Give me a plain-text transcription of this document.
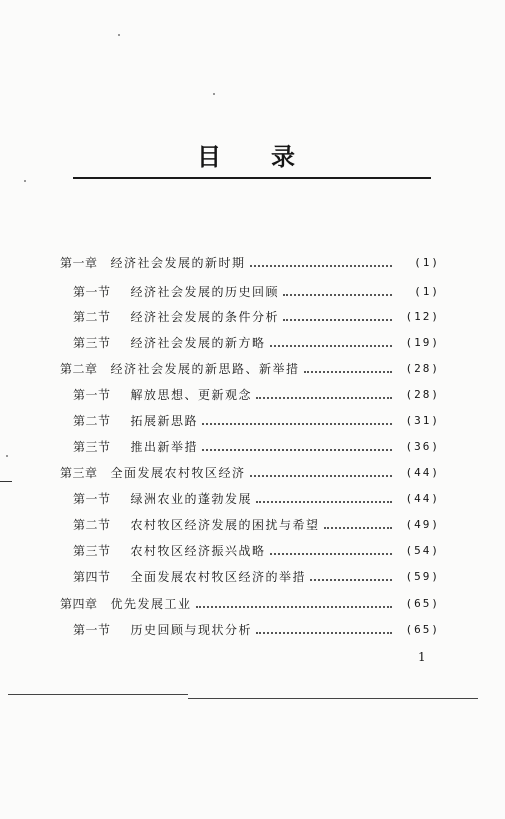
目 录
第一章 经济社会发展的新时期	(1)
第一节 经济社会发展的历史回顾	(1)
第二节 经济社会发展的条件分析	(12)
第三节 经济社会发展的新方略	(19)
第二章 经济社会发展的新思路、新举措	(28)
第一节 解放思想、更新观念	(28)
第二节 拓展新思路	(31)
第三节 推出新举措	(36)
第三章 全面发展农村牧区经济	(44)
第一节 绿洲农业的蓬勃发展	(44)
第二节 农村牧区经济发展的困扰与希望	(49)
第三节 农村牧区经济振兴战略	(54)
第四节 全面发展农村牧区经济的举措	(59)
第四章 优先发展工业	(65)
第一节 历史回顾与现状分析	(65)
1
